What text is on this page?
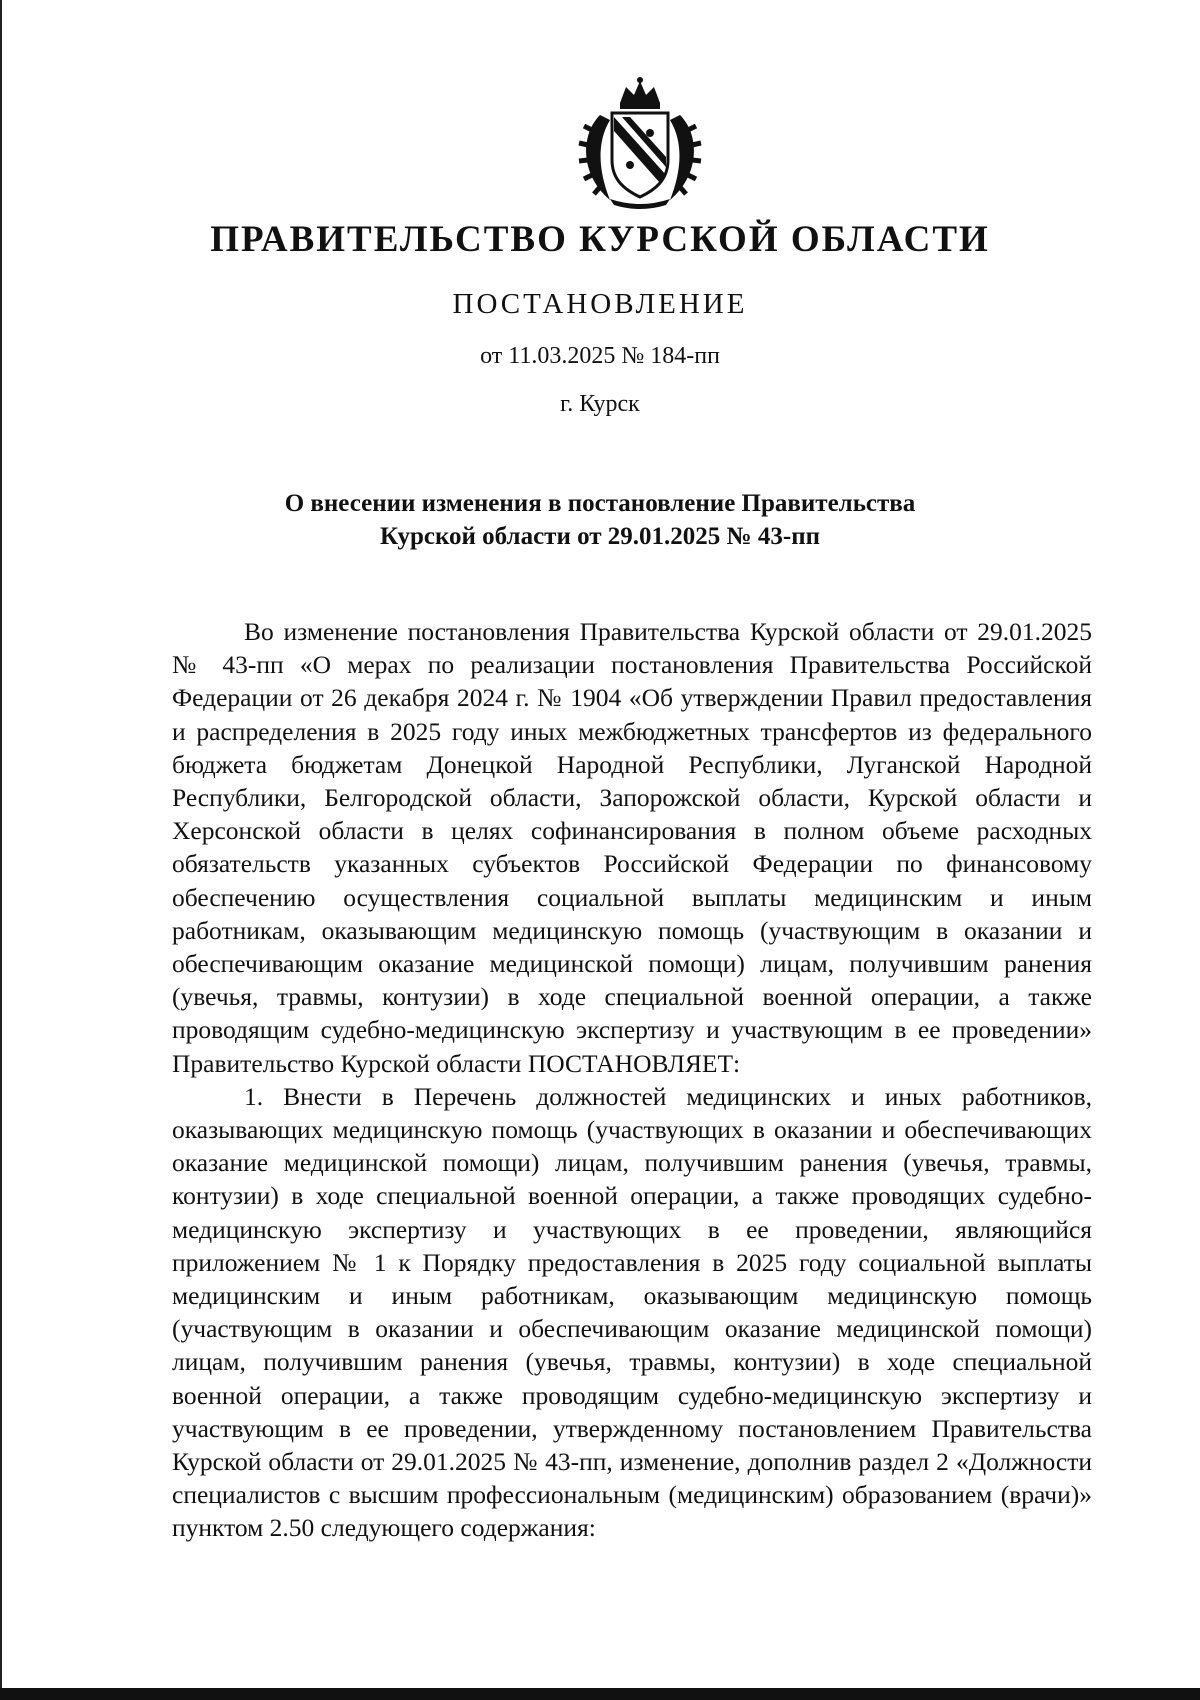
ПРАВИТЕЛЬСТВО КУРСКОЙ ОБЛАСТИ
ПОСТАНОВЛЕНИЕ
от 11.03.2025 № 184-пп
г. Курск
О внесении изменения в постановление Правительства
Курской области от 29.01.2025 № 43-пп

Во изменение постановления Правительства Курской области от 29.01.2025 № 43-пп «О мерах по реализации постановления Правительства Российской Федерации от 26 декабря 2024 г. № 1904 «Об утверждении Правил предоставления и распределения в 2025 году иных межбюджетных трансфертов из федерального бюджета бюджетам Донецкой Народной Республики, Луганской Народной Республики, Белгородской области, Запорожской области, Курской области и Херсонской области в целях софинансирования в полном объеме расходных обязательств указанных субъектов Российской Федерации по финансовому обеспечению осуществления социальной выплаты медицинским и иным работникам, оказывающим медицинскую помощь (участвующим в оказании и обеспечивающим оказание медицинской помощи) лицам, получившим ранения (увечья, травмы, контузии) в ходе специальной военной операции, а также проводящим судебно-медицинскую экспертизу и участвующим в ее проведении» Правительство Курской области ПОСТАНОВЛЯЕТ:

1. Внести в Перечень должностей медицинских и иных работников, оказывающих медицинскую помощь (участвующих в оказании и обеспечивающих оказание медицинской помощи) лицам, получившим ранения (увечья, травмы, контузии) в ходе специальной военной операции, а также проводящих судебно-медицинскую экспертизу и участвующих в ее проведении, являющийся приложением № 1 к Порядку предоставления в 2025 году социальной выплаты медицинским и иным работникам, оказывающим медицинскую помощь (участвующим в оказании и обеспечивающим оказание медицинской помощи) лицам, получившим ранения (увечья, травмы, контузии) в ходе специальной военной операции, а также проводящим судебно-медицинскую экспертизу и участвующим в ее проведении, утвержденному постановлением Правительства Курской области от 29.01.2025 № 43-пп, изменение, дополнив раздел 2 «Должности специалистов с высшим профессиональным (медицинским) образованием (врачи)» пунктом 2.50 следующего содержания:
